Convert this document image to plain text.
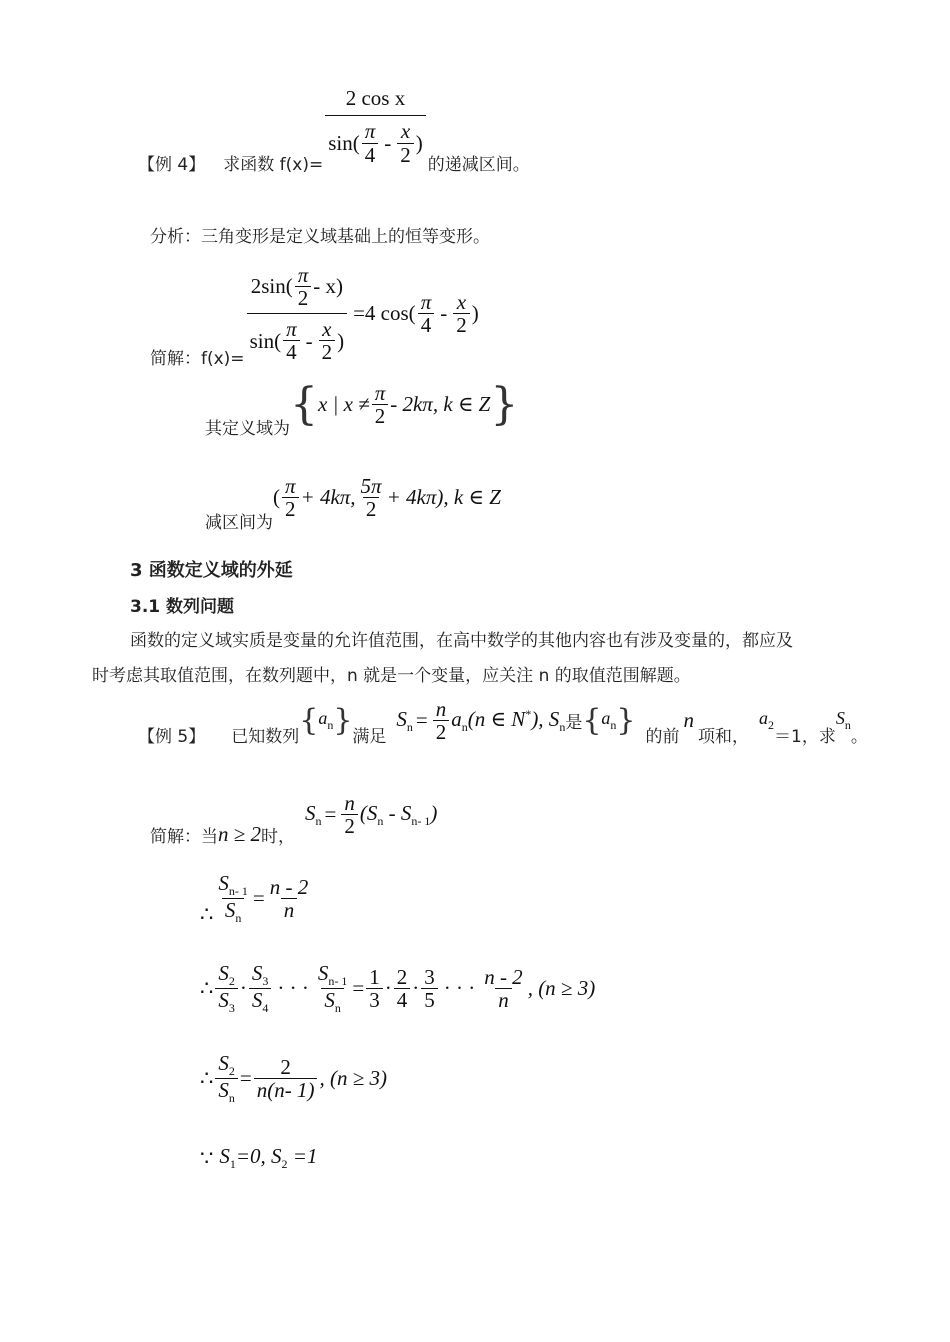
【例 4】 求函数 f(x)=
2 cos x
$\sin( \frac{\pi}{4} - \frac{x}{2}$ )
的递减区间。
分析：三角变形是定义域基础上的恒等变形。
简解：f(x)=
$2\sin( \frac{\pi}{2} - x)$
$\sin( \frac{\pi}{4} - \frac{x}{2}$ )
=4 $\cos( \frac{\pi}{4} - \frac{x}{2}$ )
其定义域为 { x | $x \ne \frac{\pi}{2} - 2k\pi$, k ∈ Z }
减区间为
( $\frac{\pi}{2} + 4k\pi$, $\frac{5\pi}{2} + 4k\pi$), k ∈ Z
3 函数定义域的外延
3.1 数列问题
函数的定义域实质是变量的允许值范围，在高中数学的其他内容也有涉及变量的，都应及
时考虑其取值范围，在数列题中，n 就是一个变量，应关注 n 的取值范围解题。
【例 5】 已知数列 { $a_n$ } 满足
$S_n = \frac{n}{2} a_n$ (n ∈ N*), $S_n$ 是 { $a_n$ } 的前
n
项和，
$a_2$
＝1，求
$S_n$
。
简解：当 n ≥ 2 时，
$S_n = \frac{n}{2} (S_n - S_{n- 1})$
∴ $\frac{S_{n- 1}}{S_n} = \frac{n - 2}{n}$
∴ $\frac{S_2}{S_3} \cdot \frac{S_3}{S_4}$ · · · $\frac{S_{n- 1}}{S_n} = \frac{1}{3} \cdot \frac{2}{4} \cdot \frac{3}{5}$ · · · $\frac{n - 2}{n}$ , (n ≥ 3)
∴ $\frac{S_2}{S_n} = \frac{2}{n(n- 1)}$ , (n ≥ 3)
∵ $S_1=0$, $S_2 =1$
